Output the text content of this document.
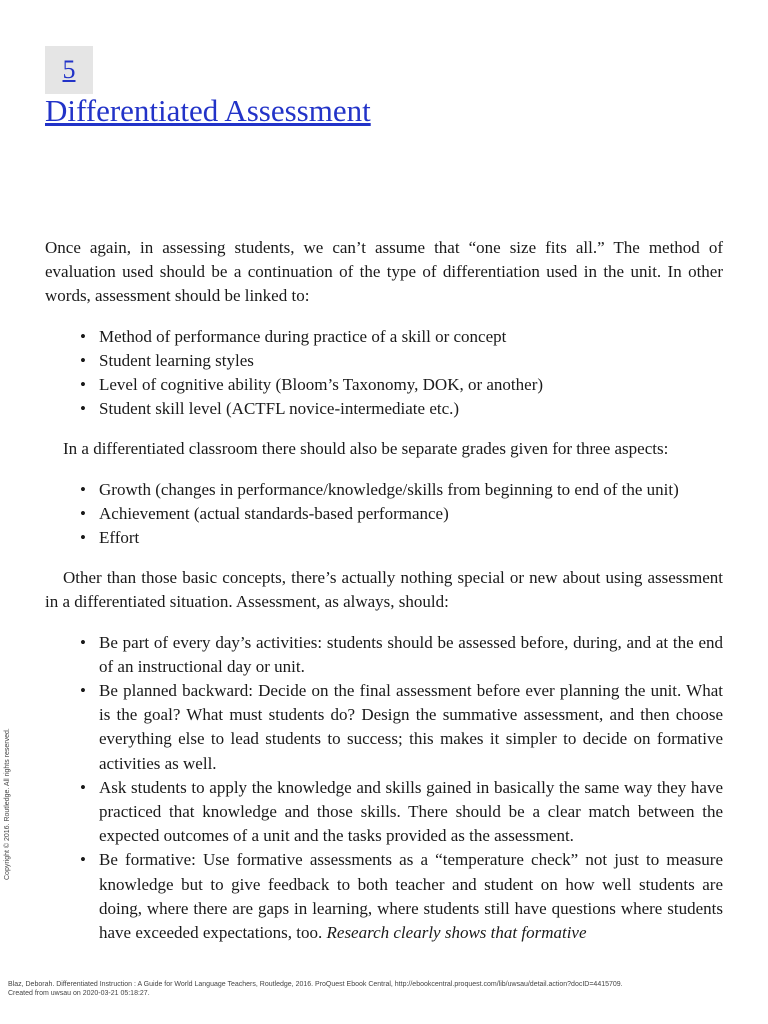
5
Differentiated Assessment

Once again, in assessing students, we can’t assume that “one size fits all.” The method of evaluation used should be a continuation of the type of differentiation used in the unit. In other words, assessment should be linked to:

• Method of performance during practice of a skill or concept
• Student learning styles
• Level of cognitive ability (Bloom’s Taxonomy, DOK, or another)
• Student skill level (ACTFL novice-intermediate etc.)

In a differentiated classroom there should also be separate grades given for three aspects:

• Growth (changes in performance/knowledge/skills from beginning to end of the unit)
• Achievement (actual standards-based performance)
• Effort

Other than those basic concepts, there’s actually nothing special or new about using assessment in a differentiated situation. Assessment, as always, should:

• Be part of every day’s activities: students should be assessed before, during, and at the end of an instructional day or unit.
• Be planned backward: Decide on the final assessment before ever planning the unit. What is the goal? What must students do? Design the summative assessment, and then choose everything else to lead students to success; this makes it simpler to decide on formative activities as well.
• Ask students to apply the knowledge and skills gained in basically the same way they have practiced that knowledge and those skills. There should be a clear match between the expected outcomes of a unit and the tasks provided as the assessment.
• Be formative: Use formative assessments as a “temperature check” not just to measure knowledge but to give feedback to both teacher and student on how well students are doing, where there are gaps in learning, where students still have questions where students have exceeded expectations, too. Research clearly shows that formative
Copyright © 2016. Routledge. All rights reserved.
Blaz, Deborah. Differentiated Instruction : A Guide for World Language Teachers, Routledge, 2016. ProQuest Ebook Central, http://ebookcentral.proquest.com/lib/uwsau/detail.action?docID=4415709.
Created from uwsau on 2020-03-21 05:18:27.
